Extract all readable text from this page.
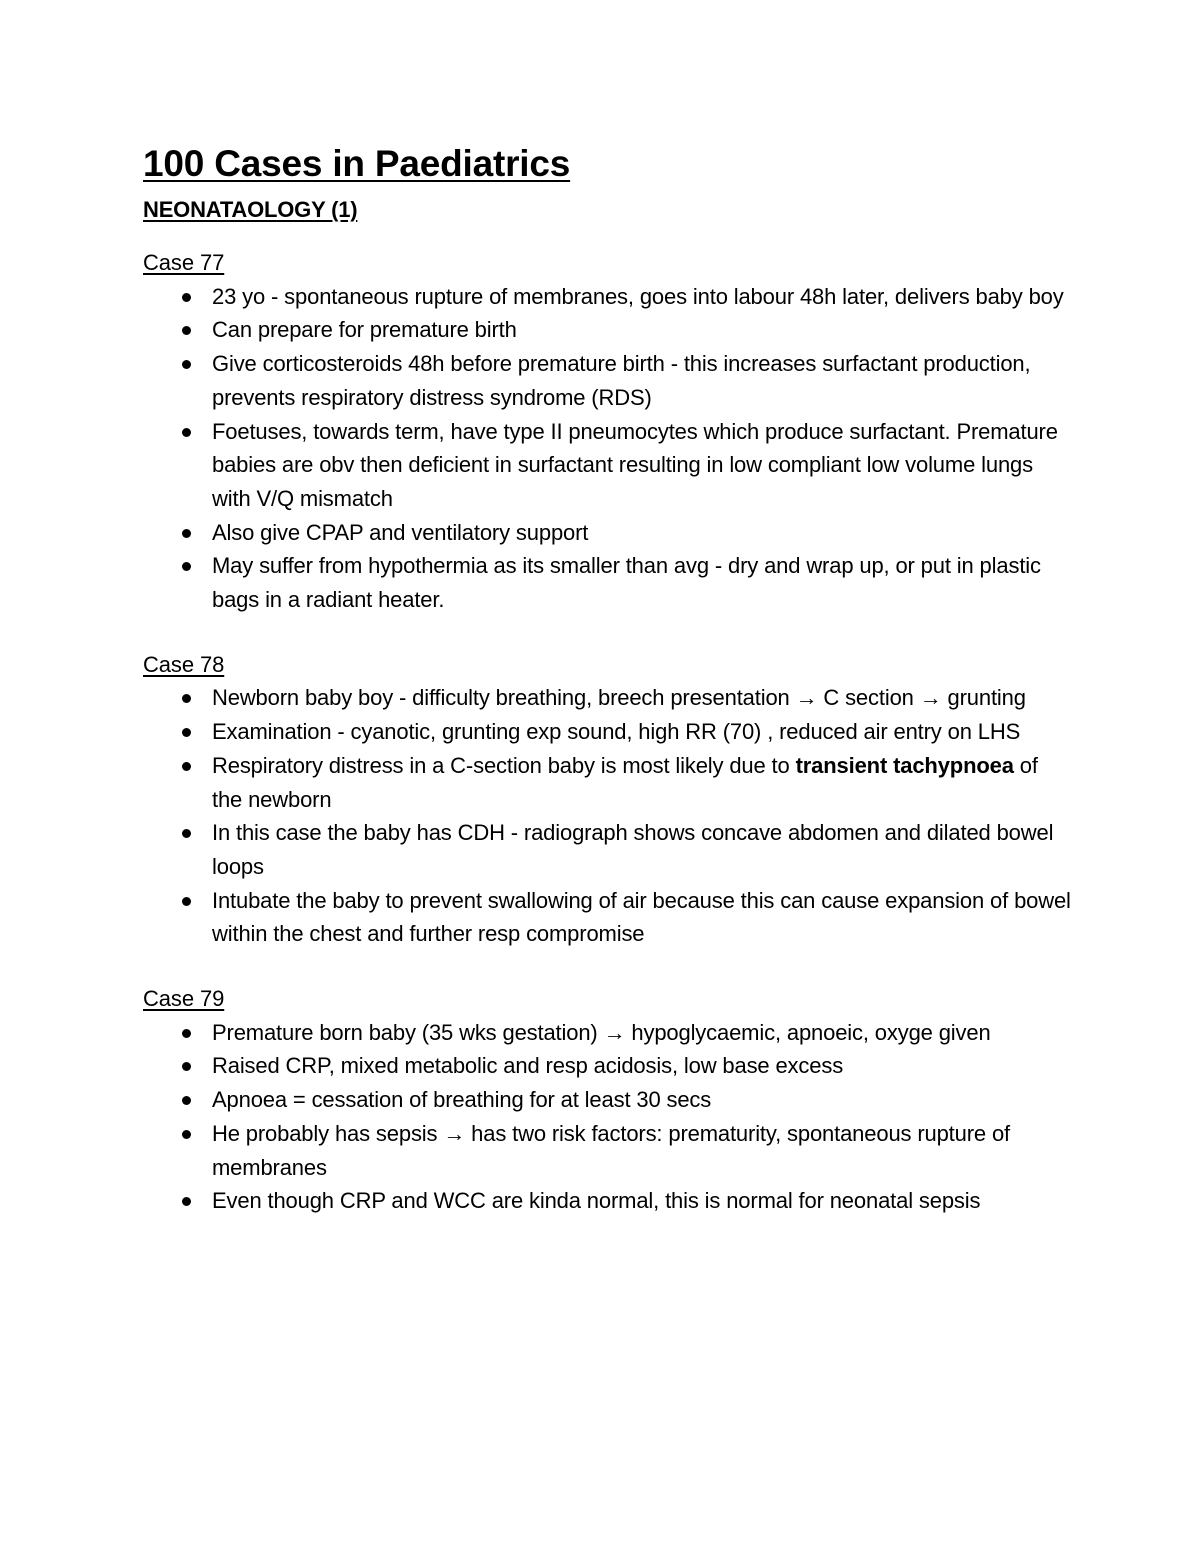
100 Cases in Paediatrics
NEONATAOLOGY (1)

Case 77

23 yo - spontaneous rupture of membranes, goes into labour 48h later, delivers baby boy
Can prepare for premature birth
Give corticosteroids 48h before premature birth - this increases surfactant production, prevents respiratory distress syndrome (RDS)
Foetuses, towards term, have type II pneumocytes which produce surfactant. Premature babies are obv then deficient in surfactant resulting in low compliant low volume lungs with V/Q mismatch
Also give CPAP and ventilatory support
May suffer from hypothermia as its smaller than avg - dry and wrap up, or put in plastic bags in a radiant heater.

Case 78

Newborn baby boy - difficulty breathing, breech presentation → C section → grunting
Examination - cyanotic, grunting exp sound, high RR (70) , reduced air entry on LHS
Respiratory distress in a C-section baby is most likely due to transient tachypnoea of the newborn
In this case the baby has CDH - radiograph shows concave abdomen and dilated bowel loops
Intubate the baby to prevent swallowing of air because this can cause expansion of bowel within the chest and further resp compromise

Case 79

Premature born baby (35 wks gestation) → hypoglycaemic, apnoeic, oxyge given
Raised CRP, mixed metabolic and resp acidosis, low base excess
Apnoea = cessation of breathing for at least 30 secs
He probably has sepsis → has two risk factors: prematurity, spontaneous rupture of membranes
Even though CRP and WCC are kinda normal, this is normal for neonatal sepsis
